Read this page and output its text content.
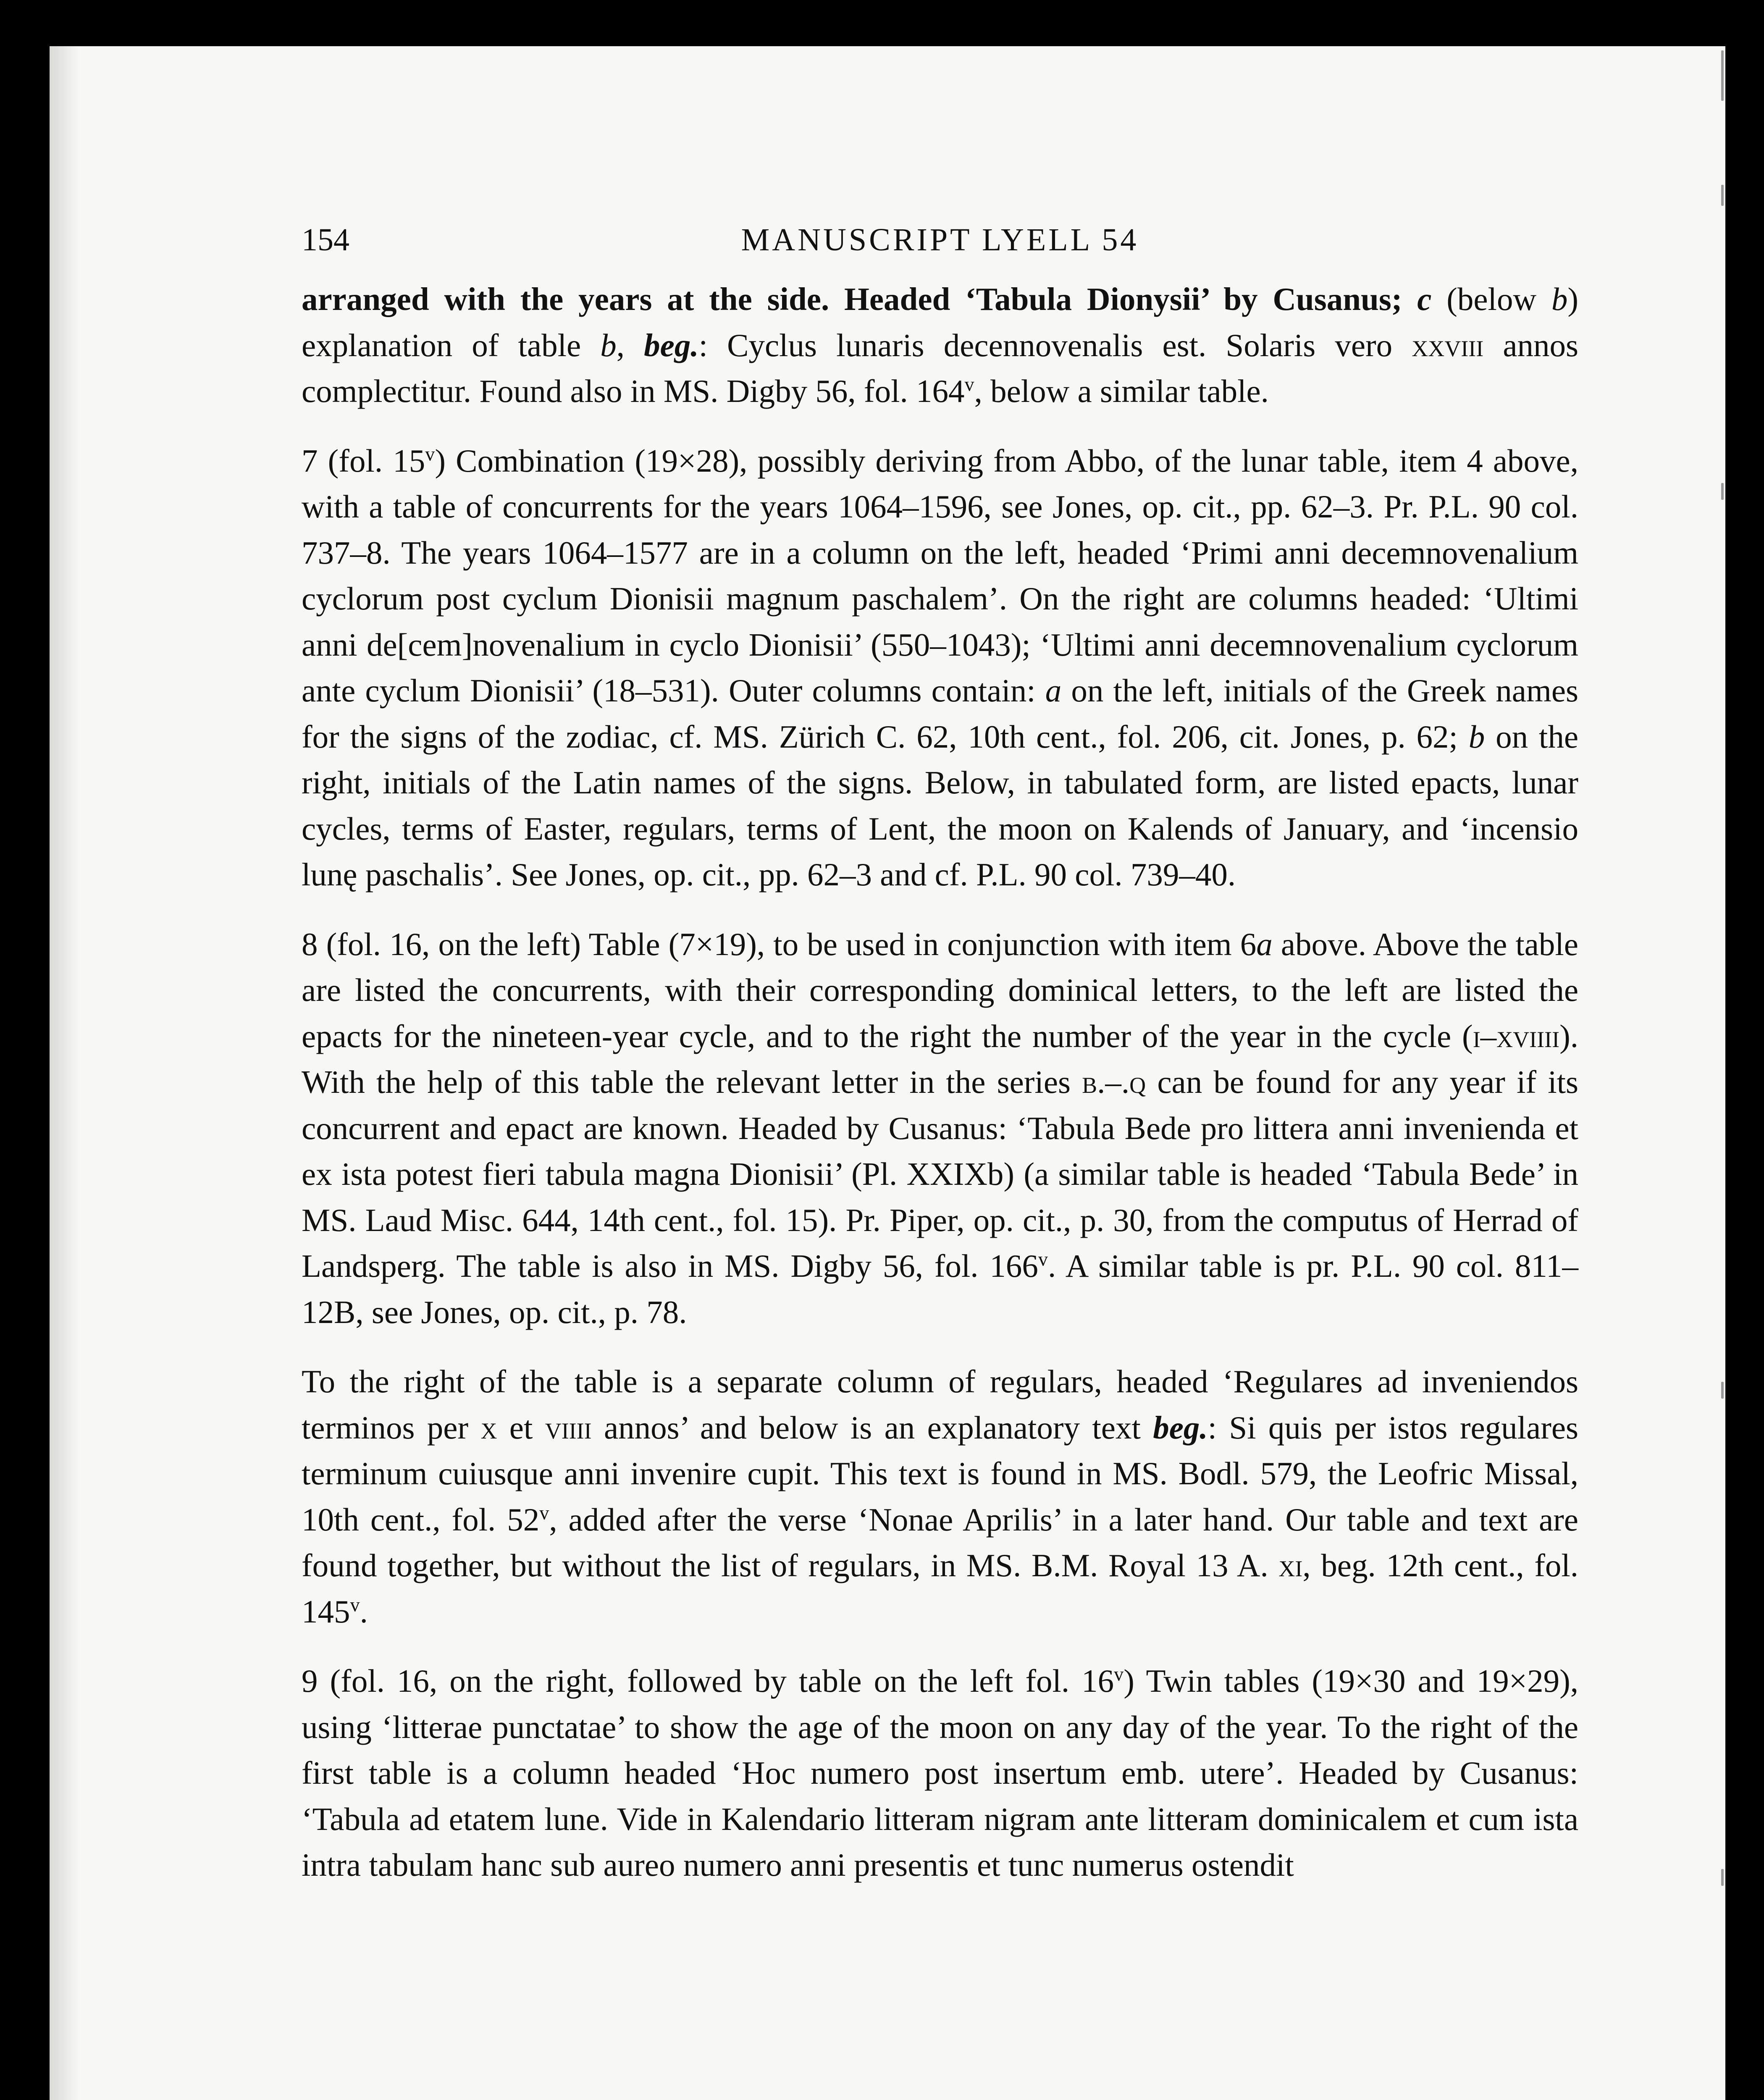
154	MANUSCRIPT LYELL 54

arranged with the years at the side. Headed ‘Tabula Dionysii’ by Cusanus; c (below b) explanation of table b, beg.: Cyclus lunaris decennovenalis est. Solaris vero xxviii annos complectitur. Found also in MS. Digby 56, fol. 164$^v$, below a similar table.

7 (fol. 15$^v$) Combination (19×28), possibly deriving from Abbo, of the lunar table, item 4 above, with a table of concurrents for the years 1064–1596, see Jones, op. cit., pp. 62–3. Pr. P.L. 90 col. 737–8. The years 1064–1577 are in a column on the left, headed ‘Primi anni decemnovenalium cyclorum post cyclum Dionisii magnum paschalem’. On the right are columns headed: ‘Ultimi anni de[cem]novenalium in cyclo Dionisii’ (550–1043); ‘Ultimi anni decemnovenalium cyclorum ante cyclum Dionisii’ (18–531). Outer columns contain: a on the left, initials of the Greek names for the signs of the zodiac, cf. MS. Zürich C. 62, 10th cent., fol. 206, cit. Jones, p. 62; b on the right, initials of the Latin names of the signs. Below, in tabulated form, are listed epacts, lunar cycles, terms of Easter, regulars, terms of Lent, the moon on Kalends of January, and ‘incensio lunę paschalis’. See Jones, op. cit., pp. 62–3 and cf. P.L. 90 col. 739–40.

8 (fol. 16, on the left) Table (7×19), to be used in conjunction with item 6a above. Above the table are listed the concurrents, with their corresponding dominical letters, to the left are listed the epacts for the nineteen-year cycle, and to the right the number of the year in the cycle (i–xviiii). With the help of this table the relevant letter in the series b.–.q can be found for any year if its concurrent and epact are known. Headed by Cusanus: ‘Tabula Bede pro littera anni invenienda et ex ista potest fieri tabula magna Dionisii’ (Pl. XXIXb) (a similar table is headed ‘Tabula Bede’ in MS. Laud Misc. 644, 14th cent., fol. 15). Pr. Piper, op. cit., p. 30, from the computus of Herrad of Landsperg. The table is also in MS. Digby 56, fol. 166$^v$. A similar table is pr. P.L. 90 col. 811–12B, see Jones, op. cit., p. 78.

To the right of the table is a separate column of regulars, headed ‘Regulares ad inveniendos terminos per x et viiii annos’ and below is an explanatory text beg.: Si quis per istos regulares terminum cuiusque anni invenire cupit. This text is found in MS. Bodl. 579, the Leofric Missal, 10th cent., fol. 52$^v$, added after the verse ‘Nonae Aprilis’ in a later hand. Our table and text are found together, but without the list of regulars, in MS. B.M. Royal 13 A. xi, beg. 12th cent., fol. 145$^v$.

9 (fol. 16, on the right, followed by table on the left fol. 16$^v$) Twin tables (19×30 and 19×29), using ‘litterae punctatae’ to show the age of the moon on any day of the year. To the right of the first table is a column headed ‘Hoc numero post insertum emb. utere’. Headed by Cusanus: ‘Tabula ad etatem lune. Vide in Kalendario litteram nigram ante litteram dominicalem et cum ista intra tabulam hanc sub aureo numero anni presentis et tunc numerus ostendit
